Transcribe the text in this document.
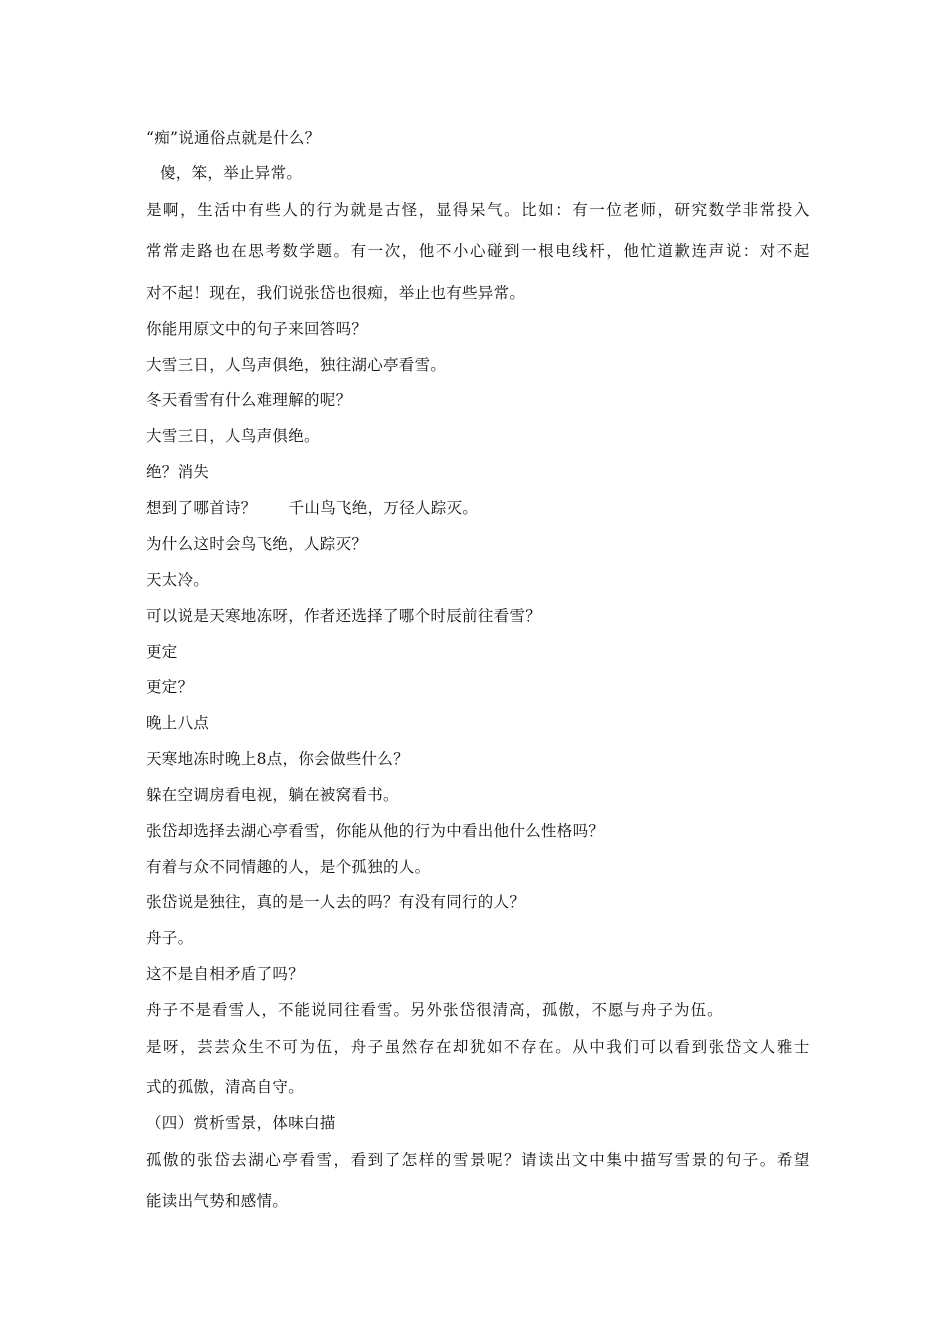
“痴”说通俗点就是什么？
傻，笨，举止异常。
是啊，生活中有些人的行为就是古怪，显得呆气。比如：有一位老师，研究数学非常投入
常常走路也在思考数学题。有一次，他不小心碰到一根电线杆，他忙道歉连声说：对不起
对不起！现在，我们说张岱也很痴，举止也有些异常。
你能用原文中的句子来回答吗？
大雪三日，人鸟声俱绝，独往湖心亭看雪。
冬天看雪有什么难理解的呢？
大雪三日，人鸟声俱绝。
绝？消失
想到了哪首诗？ 千山鸟飞绝，万径人踪灭。
为什么这时会鸟飞绝，人踪灭？
天太冷。
可以说是天寒地冻呀，作者还选择了哪个时辰前往看雪？
更定
更定？
晚上八点
天寒地冻时晚上8点，你会做些什么？
躲在空调房看电视，躺在被窝看书。
张岱却选择去湖心亭看雪，你能从他的行为中看出他什么性格吗？
有着与众不同情趣的人，是个孤独的人。
张岱说是独往，真的是一人去的吗？有没有同行的人？
舟子。
这不是自相矛盾了吗？
舟子不是看雪人，不能说同往看雪。另外张岱很清高，孤傲，不愿与舟子为伍。
是呀，芸芸众生不可为伍，舟子虽然存在却犹如不存在。从中我们可以看到张岱文人雅士
式的孤傲，清高自守。
（四）赏析雪景，体味白描
孤傲的张岱去湖心亭看雪，看到了怎样的雪景呢？请读出文中集中描写雪景的句子。希望
能读出气势和感情。
